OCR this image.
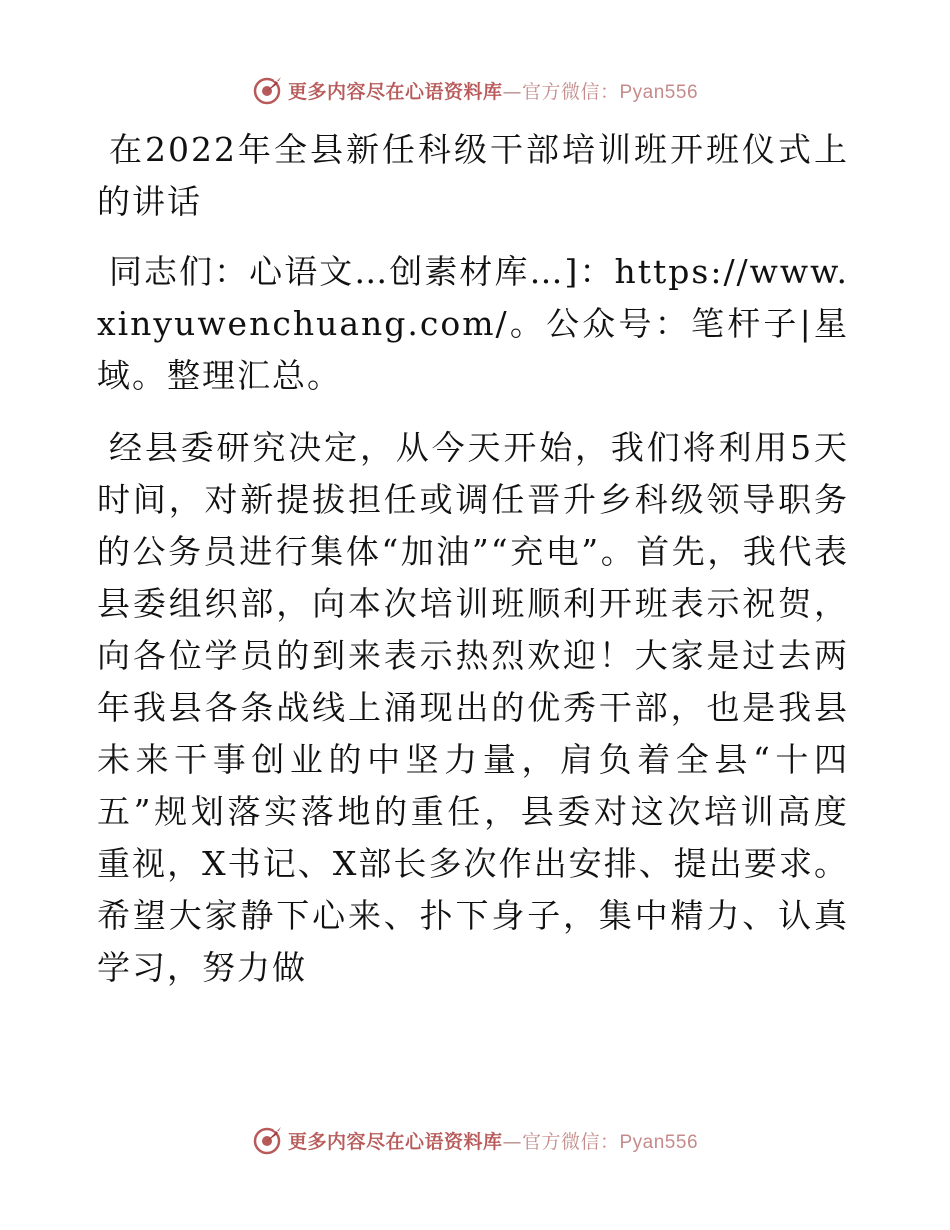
更多内容尽在心语资料库—官方微信：Pyan556

在2022年全县新任科级干部培训班开班仪式上的讲话

同志们：心语文…创素材库…]：https://www.xinyuwenchuang.com/。公众号：笔杆子|星域。整理汇总。

经县委研究决定，从今天开始，我们将利用5天时间，对新提拔担任或调任晋升乡科级领导职务的公务员进行集体“加油”“充电”。首先，我代表县委组织部，向本次培训班顺利开班表示祝贺，向各位学员的到来表示热烈欢迎！大家是过去两年我县各条战线上涌现出的优秀干部，也是我县未来干事创业的中坚力量，肩负着全县“十四五”规划落实落地的重任，县委对这次培训高度重视，X书记、X部长多次作出安排、提出要求。希望大家静下心来、扑下身子，集中精力、认真学习，努力做

更多内容尽在心语资料库—官方微信：Pyan556
